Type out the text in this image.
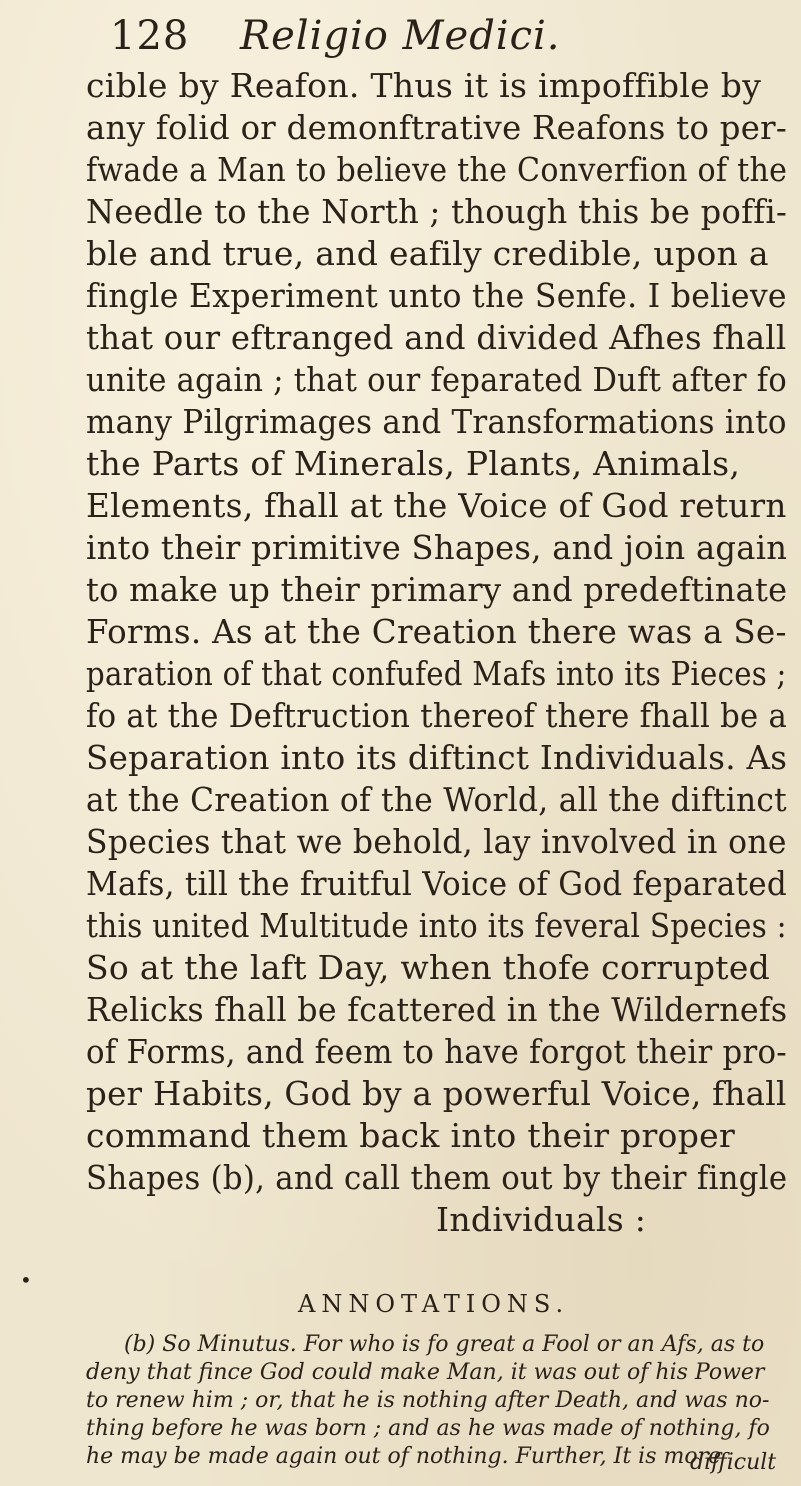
128 Religio Medici.
cible by Reafon. Thus it is impoffible by
any folid or demonftrative Reafons to per-
fwade a Man to believe the Converfion of the
Needle to the North ; though this be poffi-
ble and true, and eafily credible, upon a
fingle Experiment unto the Senfe. I believe
that our eftranged and divided Afhes fhall
unite again ; that our feparated Duft after fo
many Pilgrimages and Transformations into
the Parts of Minerals, Plants, Animals,
Elements, fhall at the Voice of God return
into their primitive Shapes, and join again
to make up their primary and predeftinate
Forms. As at the Creation there was a Se-
paration of that confufed Mafs into its Pieces ;
fo at the Deftruction thereof there fhall be a
Separation into its diftinct Individuals. As
at the Creation of the World, all the diftinct
Species that we behold, lay involved in one
Mafs, till the fruitful Voice of God feparated
this united Multitude into its feveral Species :
So at the laft Day, when thofe corrupted
Relicks fhall be fcattered in the Wildernefs
of Forms, and feem to have forgot their pro-
per Habits, God by a powerful Voice, fhall
command them back into their proper
Shapes (b), and call them out by their fingle
Individuals :
•
ANNOTATIONS.
(b) So Minutus. For who is fo great a Fool or an Afs, as to
deny that fince God could make Man, it was out of his Power
to renew him ; or, that he is nothing after Death, and was no-
thing before he was born ; and as he was made of nothing, fo
he may be made again out of nothing. Further, It is more
difficult
